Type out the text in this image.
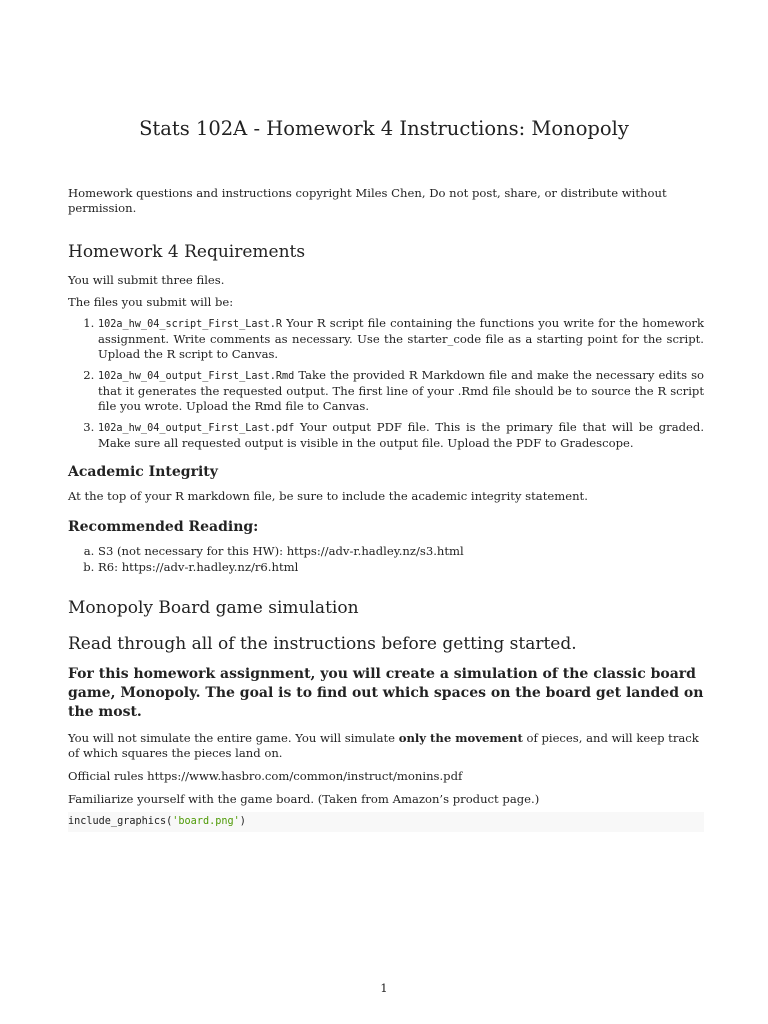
Stats 102A - Homework 4 Instructions: Monopoly

Homework questions and instructions copyright Miles Chen, Do not post, share, or distribute without permission.

Homework 4 Requirements

You will submit three files.

The files you submit will be:

1. 102a_hw_04_script_First_Last.R Your R script file containing the functions you write for the homework assignment. Write comments as necessary. Use the starter_code file as a starting point for the script. Upload the R script to Canvas.
2. 102a_hw_04_output_First_Last.Rmd Take the provided R Markdown file and make the necessary edits so that it generates the requested output. The first line of your .Rmd file should be to source the R script file you wrote. Upload the Rmd file to Canvas.
3. 102a_hw_04_output_First_Last.pdf Your output PDF file. This is the primary file that will be graded. Make sure all requested output is visible in the output file. Upload the PDF to Gradescope.
Academic Integrity

At the top of your R markdown file, be sure to include the academic integrity statement.

Recommended Reading:
a. S3 (not necessary for this HW): https://adv-r.hadley.nz/s3.html
b. R6: https://adv-r.hadley.nz/r6.html
Monopoly Board game simulation
Read through all of the instructions before getting started.

For this homework assignment, you will create a simulation of the classic board game, Monopoly. The goal is to find out which spaces on the board get landed on the most.

You will not simulate the entire game. You will simulate only the movement of pieces, and will keep track of which squares the pieces land on.

Official rules https://www.hasbro.com/common/instruct/monins.pdf

Familiarize yourself with the game board. (Taken from Amazon’s product page.)

include_graphics('board.png')
1
